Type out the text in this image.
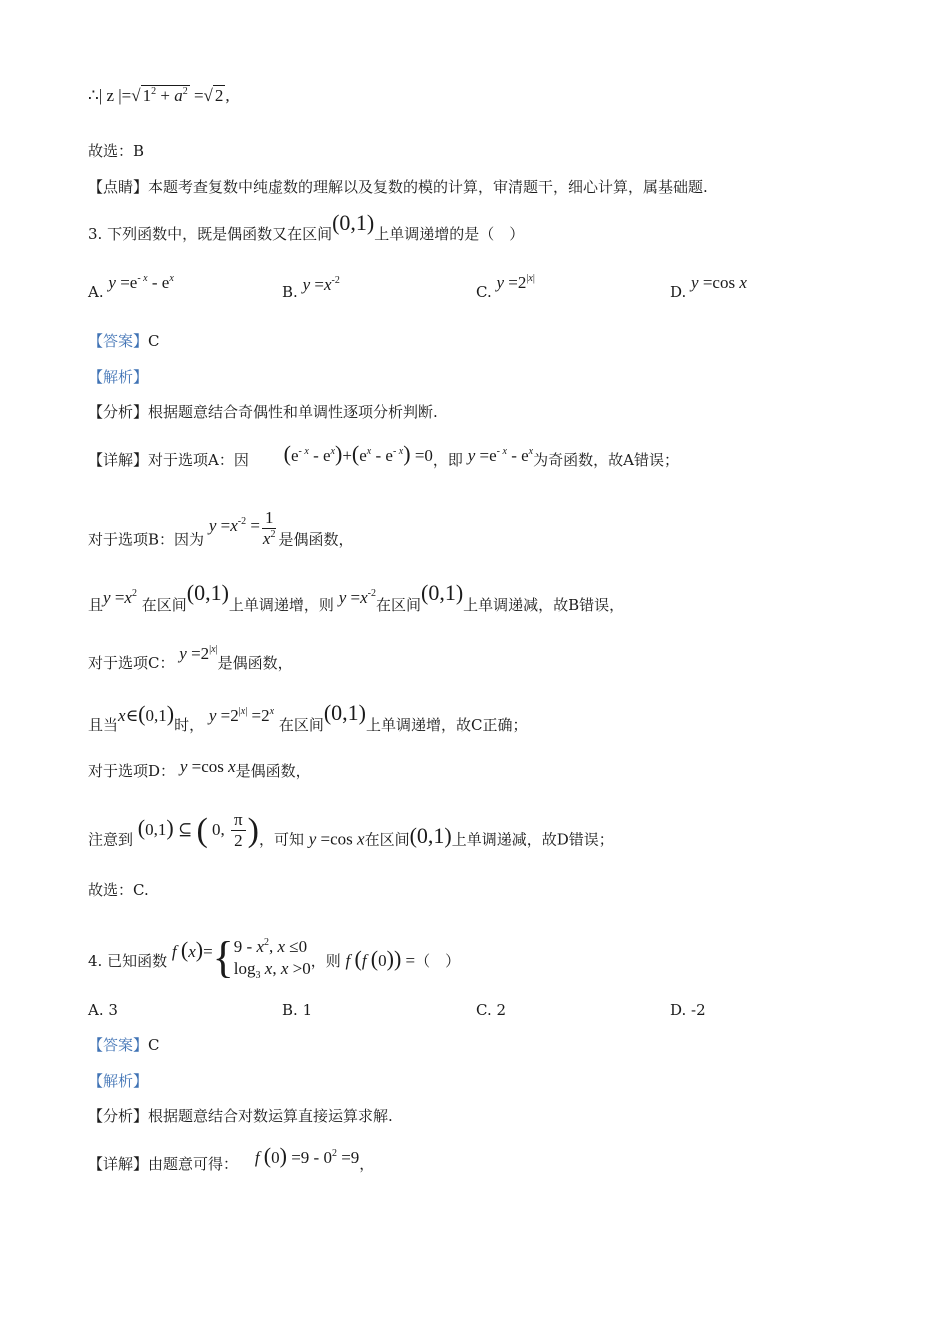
∴| z |=√ $1^2 + a^2$ =√ 2 ,
故选：B
【点睛】本题考查复数中纯虚数的理解以及复数的模的计算，审清题干，细心计算，属基础题.
3. 下列函数中，既是偶函数又在区间(0,1)上单调递增的是（　）
A. $y =e^{- x} - e^x$
B. $y =x^{-2}$
C. $y =2^{|x|}$
D. y =cos x
【答案】C
【解析】
【分析】根据题意结合奇偶性和单调性逐项分析判断.
【详解】对于选项A：因 $(e^{- x} - e^x)+(e^x - e^{- x}) =0$，即 $y =e^{- x} - e^x$为奇函数，故A错误；
对于选项B：因为 $y =x^{-2} = \frac{1}{x^2}$ 是偶函数，
且$y =x^2$ 在区间(0,1)上单调递增，则 $y =x^{-2}$在区间(0,1)上单调递减，故B错误，
对于选项C： $y =2^{|x|}$是偶函数，
且当x∈(0,1)时， $y =2^{|x|} =2^x$ 在区间(0,1)上单调递增，故C正确；
对于选项D： y =cos x是偶函数，
注意到 (0,1) ⊆ ( 0, $\frac{\pi}{2}$ )，可知 y =cos x在区间(0,1)上单调递减，故D错误；
故选：C.
4. 已知函数 f (x)={ $9 - x^2$, x ≤0
$\log_3 x$, x >0 ，则 f (f (0)) =（　）
A. 3	B. 1	C. 2	D. -2
【答案】C
【解析】
【分析】根据题意结合对数运算直接运算求解.
【详解】由题意可得： f $(0) =9 - 0^2 =9$，
